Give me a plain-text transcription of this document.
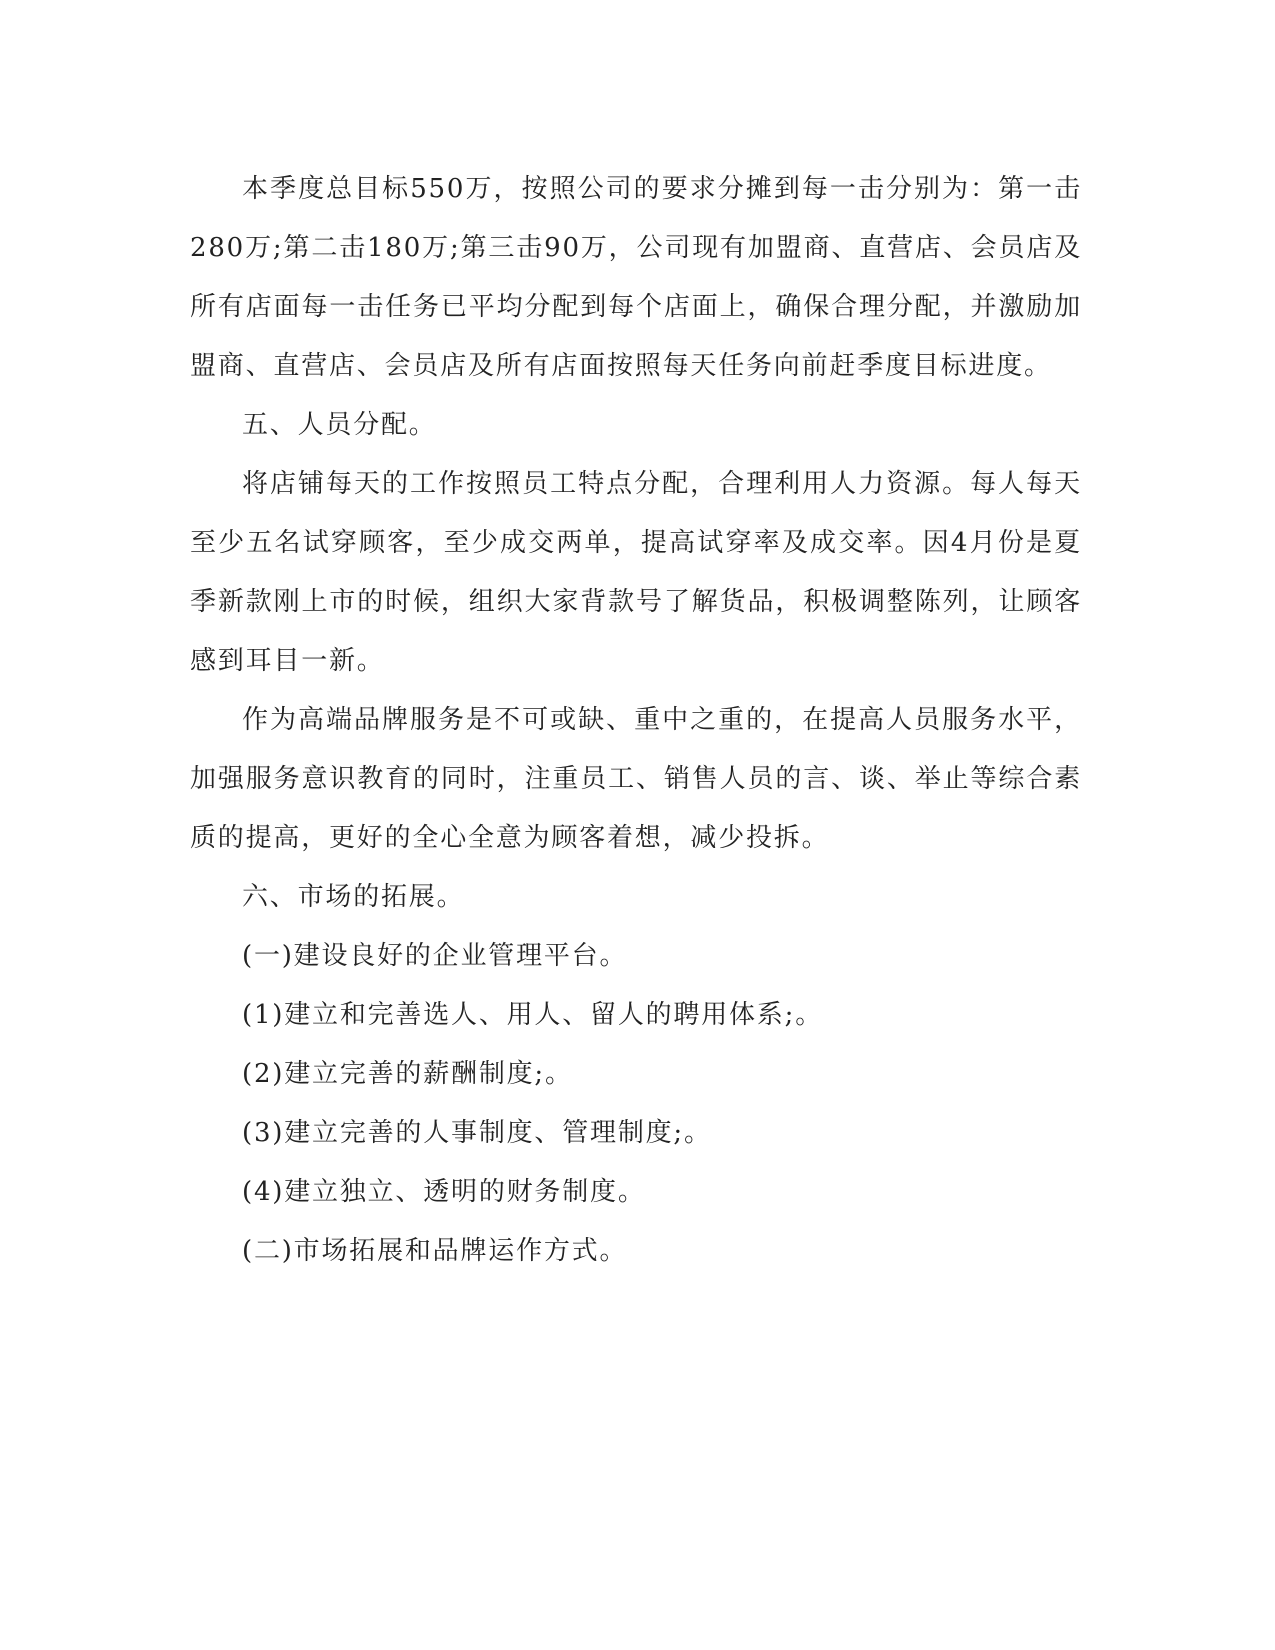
本季度总目标550万，按照公司的要求分摊到每一击分别为：第一击280万;第二击180万;第三击90万，公司现有加盟商、直营店、会员店及所有店面每一击任务已平均分配到每个店面上，确保合理分配，并激励加盟商、直营店、会员店及所有店面按照每天任务向前赶季度目标进度。

五、人员分配。

将店铺每天的工作按照员工特点分配，合理利用人力资源。每人每天至少五名试穿顾客，至少成交两单，提高试穿率及成交率。因4月份是夏季新款刚上市的时候，组织大家背款号了解货品，积极调整陈列，让顾客感到耳目一新。

作为高端品牌服务是不可或缺、重中之重的，在提高人员服务水平，加强服务意识教育的同时，注重员工、销售人员的言、谈、举止等综合素质的提高，更好的全心全意为顾客着想，减少投拆。

六、市场的拓展。

(一)建设良好的企业管理平台。

(1)建立和完善选人、用人、留人的聘用体系;。

(2)建立完善的薪酬制度;。

(3)建立完善的人事制度、管理制度;。

(4)建立独立、透明的财务制度。

(二)市场拓展和品牌运作方式。
